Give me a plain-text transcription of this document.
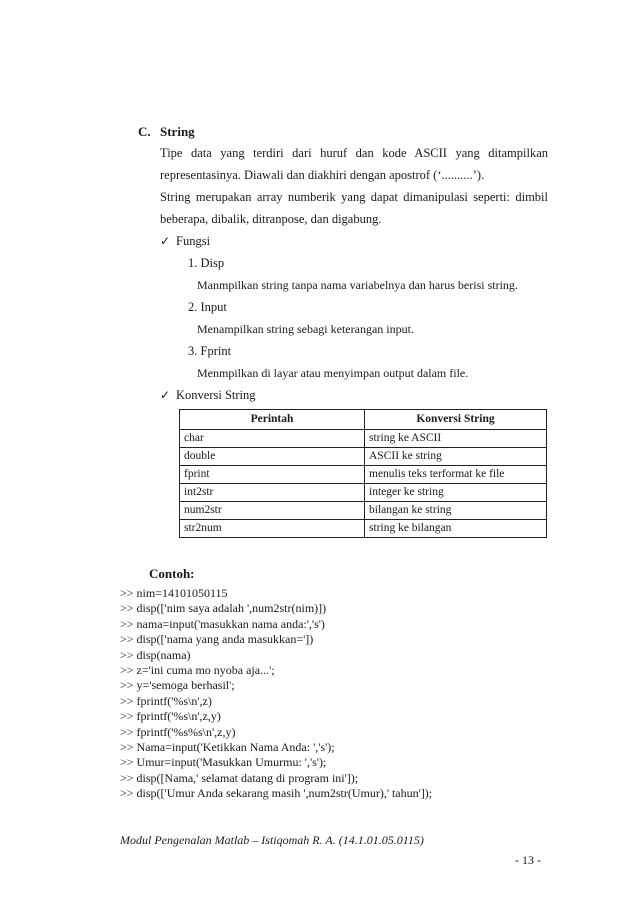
C. String
Tipe data yang terdiri dari huruf dan kode ASCII yang ditampilkan
representasinya. Diawali dan diakhiri dengan apostrof (‘..........’).
String merupakan array numberik yang dapat dimanipulasi seperti: dimbil
beberapa, dibalik, ditranpose, dan digabung.
✓ Fungsi
1. Disp
Manmpilkan string tanpa nama variabelnya dan harus berisi string.
2. Input
Menampilkan string sebagi keterangan input.
3. Fprint
Menmpilkan di layar atau menyimpan output dalam file.
✓ Konversi String
Perintah	Konversi String
char	string ke ASCII
double	ASCII ke string
fprint	menulis teks terformat ke file
int2str	integer ke string
num2str	bilangan ke string
str2num	string ke bilangan
Contoh:
>> nim=14101050115
>> disp(['nim saya adalah ',num2str(nim)])
>> nama=input('masukkan nama anda:','s')
>> disp(['nama yang anda masukkan='])
>> disp(nama)
>> z='ini cuma mo nyoba aja...';
>> y='semoga berhasil';
>> fprintf('%s\n',z)
>> fprintf('%s\n',z,y)
>> fprintf('%s%s\n',z,y)
>> Nama=input('Ketikkan Nama Anda: ','s');
>> Umur=input('Masukkan Umurmu: ','s');
>> disp([Nama,' selamat datang di program ini']);
>> disp(['Umur Anda sekarang masih ',num2str(Umur),' tahun']);
Modul Pengenalan Matlab – Istiqomah R. A. (14.1.01.05.0115)
- 13 -
